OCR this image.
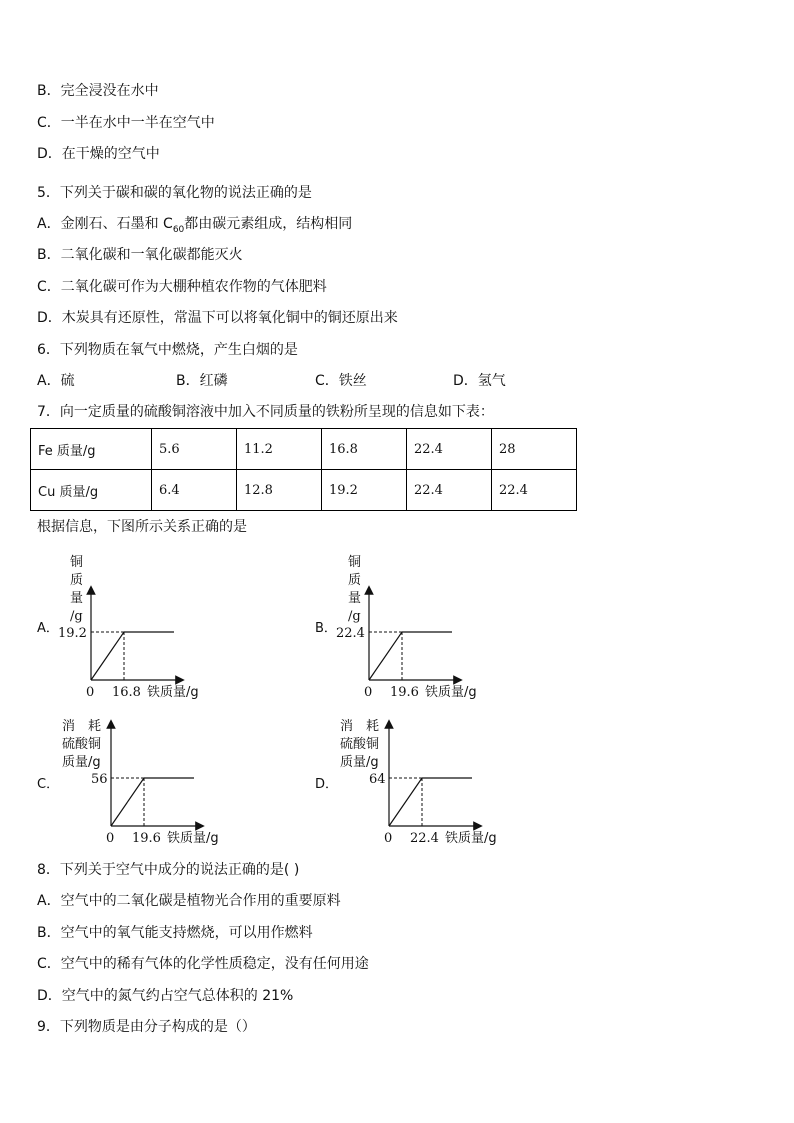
B．完全浸没在水中
C．一半在水中一半在空气中
D．在干燥的空气中
5．下列关于碳和碳的氧化物的说法正确的是
A．金刚石、石墨和 $C_{60}$都由碳元素组成，结构相同
B．二氧化碳和一氧化碳都能灭火
C．二氧化碳可作为大棚种植农作物的气体肥料
D．木炭具有还原性，常温下可以将氧化铜中的铜还原出来
6．下列物质在氧气中燃烧，产生白烟的是
A．硫	B．红磷	C．铁丝	D．氢气
7．向一定质量的硫酸铜溶液中加入不同质量的铁粉所呈现的信息如下表：
Fe 质量/g	5.6	11.2	16.8	22.4	28
Cu 质量/g	6.4	12.8	19.2	22.4	22.4
根据信息，下图所示关系正确的是
A．
铜
质
量
/g
19.2
0 16.8 铁质量/g
B．
铜
质
量
/g
22.4
0 19.6 铁质量/g
C．
消　耗
硫酸铜
质量/g
56
0 19.6 铁质量/g
D．
消　耗
硫酸铜
质量/g
64
0 22.4 铁质量/g
8．下列关于空气中成分的说法正确的是( )
A．空气中的二氧化碳是植物光合作用的重要原料
B．空气中的氧气能支持燃烧，可以用作燃料
C．空气中的稀有气体的化学性质稳定，没有任何用途
D．空气中的氮气约占空气总体积的 21%
9．下列物质是由分子构成的是（）
